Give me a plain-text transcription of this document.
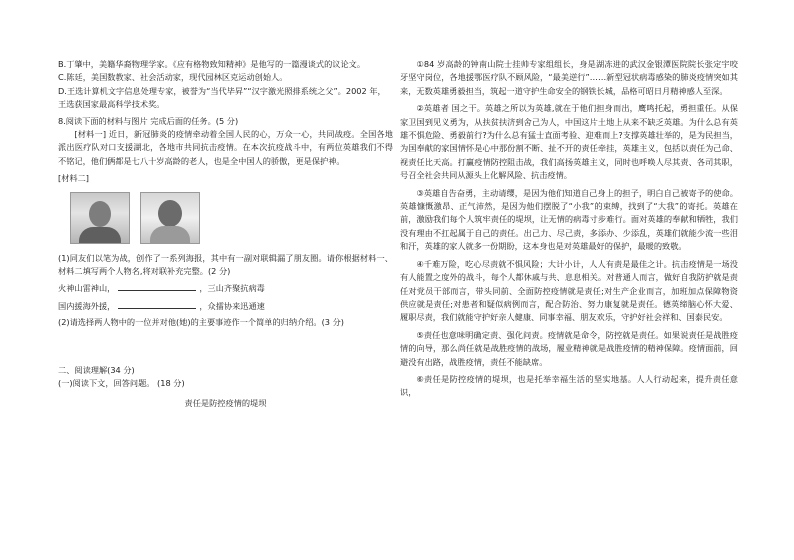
B.丁肇中，美籍华裔物理学家。《应有格物致知精神》是他写的一篇漫谈式的议论文。

C.陈廷，美国数教家、社会活动家，现代园林区克运动创始人。

D.王选计算机文字信息处理专家，被誉为“当代毕昇”“汉字激光照排系统之父”。2002 年，

王选获国家最高科学技术奖。

8.阅读下面的材料与图片 完成后面的任务。(5 分)

[材料一] 近日，新冠肺炎的疫情牵动着全国人民的心，万众一心，共同战疫。全国各地派出医疗队对口支援湖北，各地市共同抗击疫情。在本次抗疫战斗中，有两位英雄我们不得不铭记，他们俩都是七八十岁高龄的老人，也是全中国人的骄傲，更是保护神。

[材料二]

(1)同友们以笔为战，创作了一系列海报，其中有一副对联辑漏了朋友圈。请你根据材料一、材料二填写两个人物名,将对联补充完整。(2 分)

火神山雷神山，	，三山齐聚抗病毒

国内援海外援，	，众擂协来迅通速

(2)请选择两人物中的一位并对他(她)的主要事迹作一个简单的归纳介绍。(3 分)

二、阅读理解(34 分)

(一)阅读下文，回答问题。 (18 分)

责任是防控疫情的堤坝

①84 岁高龄的钟南山院士挂帅专家组组长，身是湖冻进的武汉金银潭医院院长张定宇咬牙坚守岗位，各地援鄂医疗队不顾风险，“最美逆行”……新型冠状病毒感染的肺炎疫情突如其来，无数英雄勇毅担当，筑起一道守护生命安全的钢铁长城，品格可昭日月精神感人至深。

②英雄者 国之干。英雄之所以为英雄,就在于他们担身而出，鹰鸣托起，勇担重任。从保家卫国到见义勇为，从扶贫扶济到舍己为人，中国这片土地上从来不缺乏英雄。为什么总有英雄不惧危险、勇毅前行?为什么总有猛士直面考验、迎难而上?支撑英雄壮举的，是为民担当，为国奉献的家国情怀是心中那份割不断、扯不开的责任牵挂，英雄主义，包括以责任为己命、视责任比天高。打赢疫情防控阻击战，我们高扬英雄主义，同时也呼唤人尽其责、各司其职，号召全社会共同从源头上化解风险、抗击疫情。

③英雄自告奋勇，主动请缨，是因为他们知道自己身上的担子，明白自己被寄予的使命。英雄慷慨激昂、正气沛然，是因为他们摆脱了“小我”的束缚，找到了“大我”的寄托。英雄在前，激励我们每个人筑牢责任的堤坝，让无情的病毒寸步难行。面对英雄的奉献和牺牲，我们没有理由不扛起属于自己的责任。出己力、尽己责，多添办、少添乱，英雄们就能少流一些泪和汗，英雄的家人就多一份期盼，这本身也是对英雄最好的保护，最暖的致敬。

④千难万险，吃心尽责就不惧风险；大计小计，人人有责是最佳之计。抗击疫情是一场没有人能置之度外的战斗，每个人都休戚与共、息息相关。对普通人而言，做好自我防护就是责任对党员干部而言，带头同前、全面防控疫情就是责任;对生产企业而言，加班加点保障物资供应就是责任;对患者和疑似病例而言，配合防治、努力康复就是责任。德英缔脑心怀大爱、履职尽责，我们就能守护好亲人健康、同事幸福、朋友欢乐，守护好社会祥和、国泰民安。

⑤责任也意味明确定责、强化问责。疫情就是命令，防控就是责任。如果说责任是战胜疫情的向导，那么尚任就是战胜疫情的战场，履业精神就是战胜疫情的精神保障。疫情面前，回避没有出路，战胜疫情，责任不能缺席。

⑥责任是防控疫情的堤坝，也是托举幸福生活的坚实地基。人人行动起来，提升责任意识，
